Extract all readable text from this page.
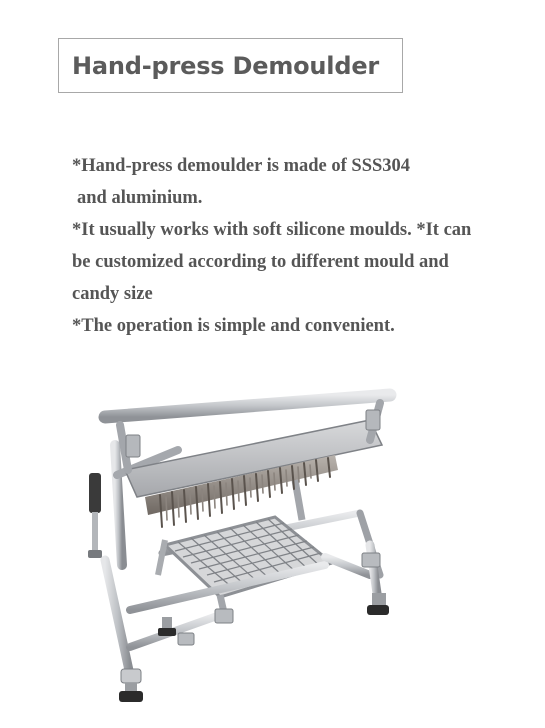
Hand-press Demoulder
*Hand-press demoulder is made of SSS304
and aluminium.
*It usually works with soft silicone moulds. *It can
be customized according to different mould and
candy size
*The operation is simple and convenient.
